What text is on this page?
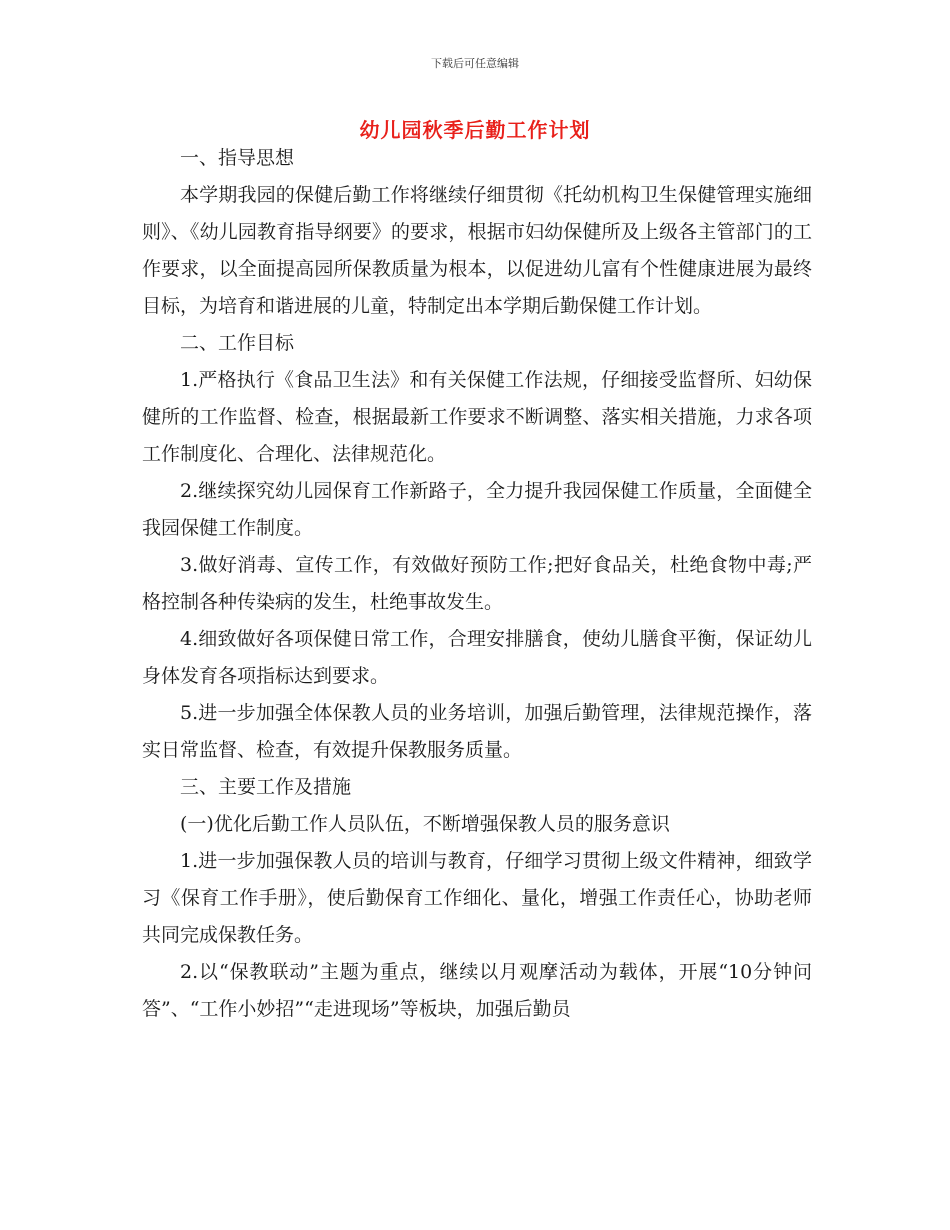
下载后可任意编辑
幼儿园秋季后勤工作计划

一、指导思想

本学期我园的保健后勤工作将继续仔细贯彻《托幼机构卫生保健管理实施细则》、《幼儿园教育指导纲要》的要求，根据市妇幼保健所及上级各主管部门的工作要求，以全面提高园所保教质量为根本，以促进幼儿富有个性健康进展为最终目标，为培育和谐进展的儿童，特制定出本学期后勤保健工作计划。

二、工作目标

1.严格执行《食品卫生法》和有关保健工作法规，仔细接受监督所、妇幼保健所的工作监督、检查，根据最新工作要求不断调整、落实相关措施，力求各项工作制度化、合理化、法律规范化。

2.继续探究幼儿园保育工作新路子，全力提升我园保健工作质量，全面健全我园保健工作制度。

3.做好消毒、宣传工作，有效做好预防工作;把好食品关，杜绝食物中毒;严格控制各种传染病的发生，杜绝事故发生。

4.细致做好各项保健日常工作，合理安排膳食，使幼儿膳食平衡，保证幼儿身体发育各项指标达到要求。

5.进一步加强全体保教人员的业务培训，加强后勤管理，法律规范操作，落实日常监督、检查，有效提升保教服务质量。

三、主要工作及措施

(一)优化后勤工作人员队伍，不断增强保教人员的服务意识

1.进一步加强保教人员的培训与教育，仔细学习贯彻上级文件精神，细致学习《保育工作手册》，使后勤保育工作细化、量化，增强工作责任心，协助老师共同完成保教任务。

2.以“保教联动”主题为重点，继续以月观摩活动为载体，开展“10分钟问答”、“工作小妙招”“走进现场”等板块，加强后勤员
